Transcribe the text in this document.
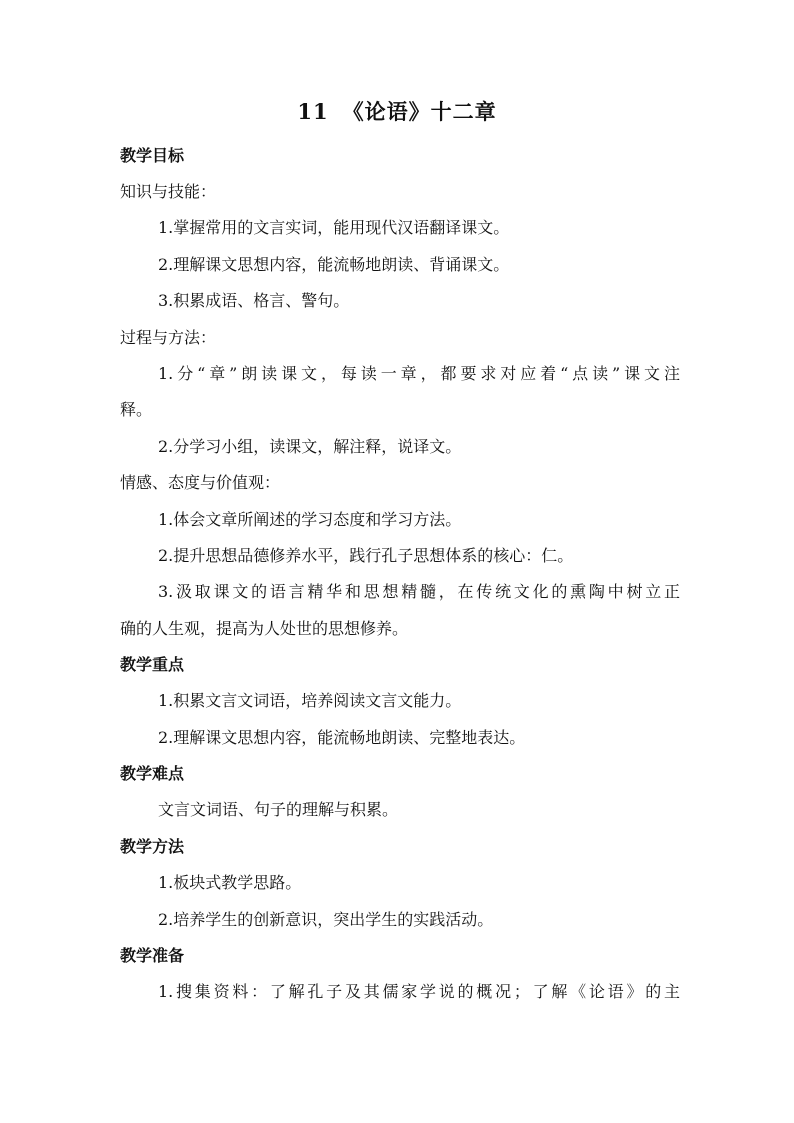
11 《论语》十二章
教学目标
知识与技能：
1.掌握常用的文言实词，能用现代汉语翻译课文。
2.理解课文思想内容，能流畅地朗读、背诵课文。
3.积累成语、格言、警句。
过程与方法：
1.分“章”朗读课文，每读一章，都要求对应着“点读”课文注
释。
2.分学习小组，读课文，解注释，说译文。
情感、态度与价值观：
1.体会文章所阐述的学习态度和学习方法。
2.提升思想品德修养水平，践行孔子思想体系的核心：仁。
3.汲取课文的语言精华和思想精髓，在传统文化的熏陶中树立正
确的人生观，提高为人处世的思想修养。
教学重点
1.积累文言文词语，培养阅读文言文能力。
2.理解课文思想内容，能流畅地朗读、完整地表达。
教学难点
文言文词语、句子的理解与积累。
教学方法
1.板块式教学思路。
2.培养学生的创新意识，突出学生的实践活动。
教学准备
1.搜集资料：了解孔子及其儒家学说的概况；了解《论语》的主
